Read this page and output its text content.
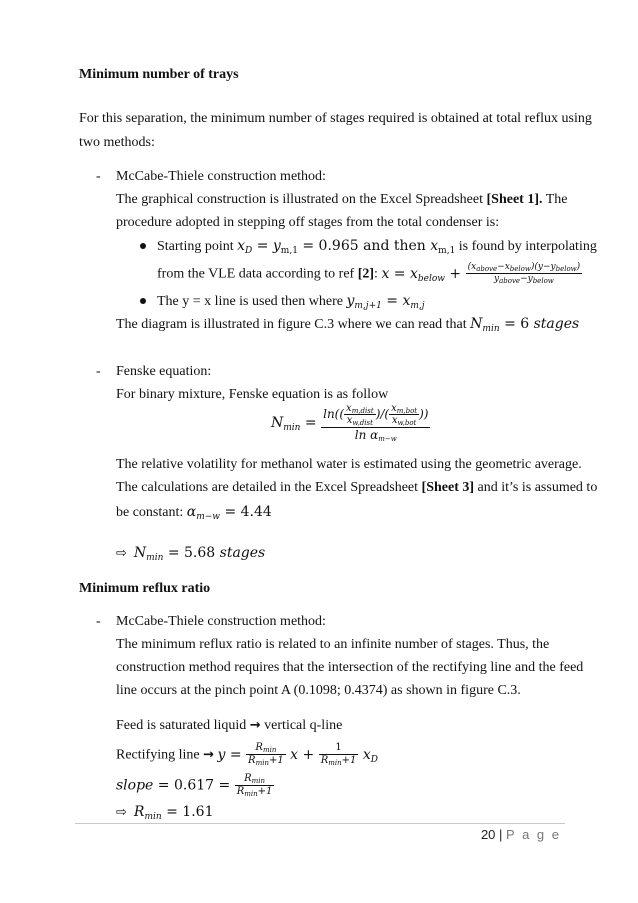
Minimum number of trays
For this separation, the minimum number of stages required is obtained at total reflux using
two methods:
- McCabe-Thiele construction method:
The graphical construction is illustrated on the Excel Spreadsheet [Sheet 1]. The
procedure adopted in stepping off stages from the total condenser is:
Starting point $x_D = y_{m,1} = 0.965$ and then $x_{m,1}$ is found by interpolating
from the VLE data according to ref [2]: $x = x_{below} + \frac{(x_{above}-x_{below})(y-y_{below})}{y_{above}-y_{below}}$
The y = x line is used then where $y_{m,j+1} = x_{m,j}$
The diagram is illustrated in figure C.3 where we can read that $N_{min} = 6$ stages
- Fenske equation:
For binary mixture, Fenske equation is as follow
$N_{min} = \frac{\ln(( \frac{x_{m,dist}}{x_{w,dist}} )/( \frac{x_{m,bot}}{x_{w,bot}} ))}{\ln \alpha_{m-w}}$
The relative volatility for methanol water is estimated using the geometric average.
The calculations are detailed in the Excel Spreadsheet [Sheet 3] and it’s is assumed to
be constant: $\alpha_{m-w} = 4.44$
⇨ $N_{min} = 5.68$ stages
Minimum reflux ratio
- McCabe-Thiele construction method:
The minimum reflux ratio is related to an infinite number of stages. Thus, the
construction method requires that the intersection of the rectifying line and the feed
line occurs at the pinch point A (0.1098; 0.4374) as shown in figure C.3.
Feed is saturated liquid → vertical q-line
Rectifying line → $y = \frac{R_{min}}{R_{min}+1}$ $x + \frac{1}{R_{min}+1} x_D$
slope = $0.617 = \frac{R_{min}}{R_{min}+1}$
⇨ $R_{min} = 1.61$
20 | P a g e
